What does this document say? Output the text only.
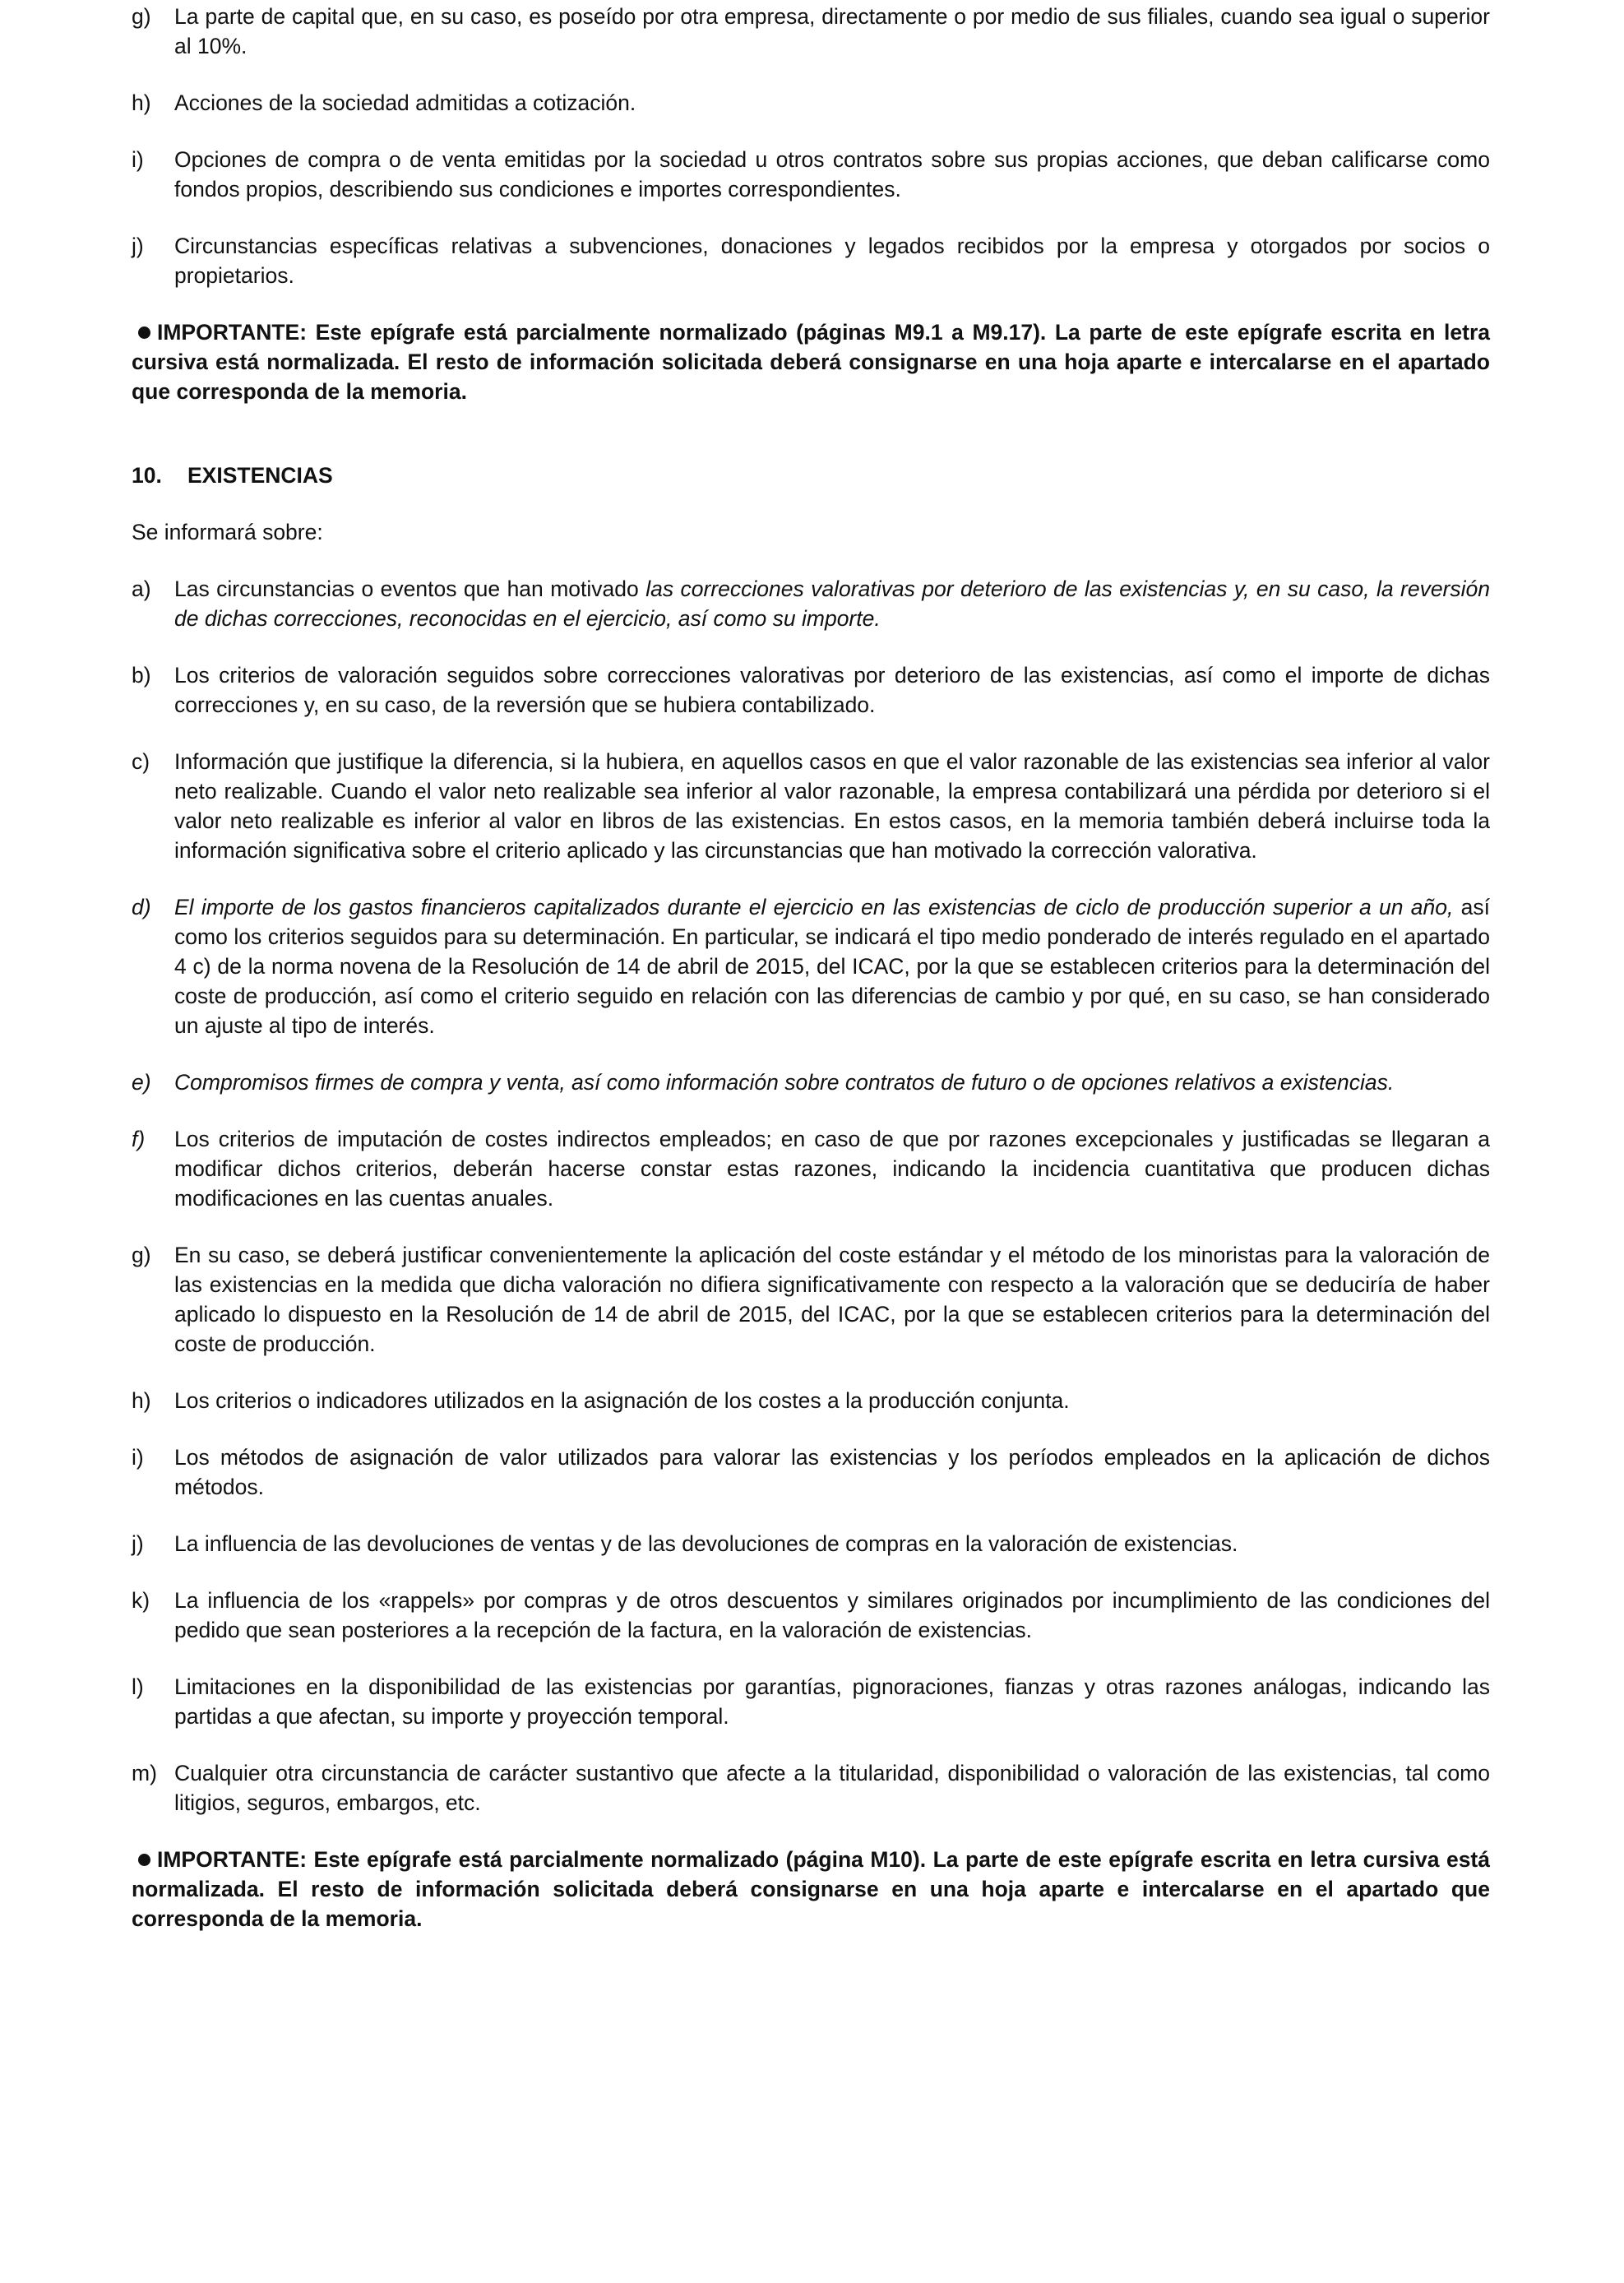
g)	La parte de capital que, en su caso, es poseído por otra empresa, directamente o por medio de sus filiales, cuando sea igual o superior al 10%.
h)	Acciones de la sociedad admitidas a cotización.
i)	Opciones de compra o de venta emitidas por la sociedad u otros contratos sobre sus propias acciones, que deban calificarse como fondos propios, describiendo sus condiciones e importes correspondientes.
j)	Circunstancias específicas relativas a subvenciones, donaciones y legados recibidos por la empresa y otorgados por socios o propietarios.
IMPORTANTE: Este epígrafe está parcialmente normalizado (páginas M9.1 a M9.17). La parte de este epígrafe escrita en letra cursiva está normalizada. El resto de información solicitada deberá consignarse en una hoja aparte e intercalarse en el apartado que corresponda de la memoria.
10.	EXISTENCIAS
Se informará sobre:
a)	Las circunstancias o eventos que han motivado las correcciones valorativas por deterioro de las existencias y, en su caso, la reversión de dichas correcciones, reconocidas en el ejercicio, así como su importe.
b)	Los criterios de valoración seguidos sobre correcciones valorativas por deterioro de las existencias, así como el importe de dichas correcciones y, en su caso, de la reversión que se hubiera contabilizado.
c)	Información que justifique la diferencia, si la hubiera, en aquellos casos en que el valor razonable de las existencias sea inferior al valor neto realizable. Cuando el valor neto realizable sea inferior al valor razonable, la empresa contabilizará una pérdida por deterioro si el valor neto realizable es inferior al valor en libros de las existencias. En estos casos, en la memoria también deberá incluirse toda la información significativa sobre el criterio aplicado y las circunstancias que han motivado la corrección valorativa.
d)	El importe de los gastos financieros capitalizados durante el ejercicio en las existencias de ciclo de producción superior a un año, así como los criterios seguidos para su determinación. En particular, se indicará el tipo medio ponderado de interés regulado en el apartado 4 c) de la norma novena de la Resolución de 14 de abril de 2015, del ICAC, por la que se establecen criterios para la determinación del coste de producción, así como el criterio seguido en relación con las diferencias de cambio y por qué, en su caso, se han considerado un ajuste al tipo de interés.
e)	Compromisos firmes de compra y venta, así como información sobre contratos de futuro o de opciones relativos a existencias.
f)	Los criterios de imputación de costes indirectos empleados; en caso de que por razones excepcionales y justificadas se llegaran a modificar dichos criterios, deberán hacerse constar estas razones, indicando la incidencia cuantitativa que producen dichas modificaciones en las cuentas anuales.
g)	En su caso, se deberá justificar convenientemente la aplicación del coste estándar y el método de los minoristas para la valoración de las existencias en la medida que dicha valoración no difiera significativamente con respecto a la valoración que se deduciría de haber aplicado lo dispuesto en la Resolución de 14 de abril de 2015, del ICAC, por la que se establecen criterios para la determinación del coste de producción.
h)	Los criterios o indicadores utilizados en la asignación de los costes a la producción conjunta.
i)	Los métodos de asignación de valor utilizados para valorar las existencias y los períodos empleados en la aplicación de dichos métodos.
j)	La influencia de las devoluciones de ventas y de las devoluciones de compras en la valoración de existencias.
k)	La influencia de los «rappels» por compras y de otros descuentos y similares originados por incumplimiento de las condiciones del pedido que sean posteriores a la recepción de la factura, en la valoración de existencias.
l)	Limitaciones en la disponibilidad de las existencias por garantías, pignoraciones, fianzas y otras razones análogas, indicando las partidas a que afectan, su importe y proyección temporal.
m) Cualquier otra circunstancia de carácter sustantivo que afecte a la titularidad, disponibilidad o valoración de las existencias, tal como litigios, seguros, embargos, etc.
IMPORTANTE: Este epígrafe está parcialmente normalizado (página M10). La parte de este epígrafe escrita en letra cursiva está normalizada. El resto de información solicitada deberá consignarse en una hoja aparte e intercalarse en el apartado que corresponda de la memoria.
